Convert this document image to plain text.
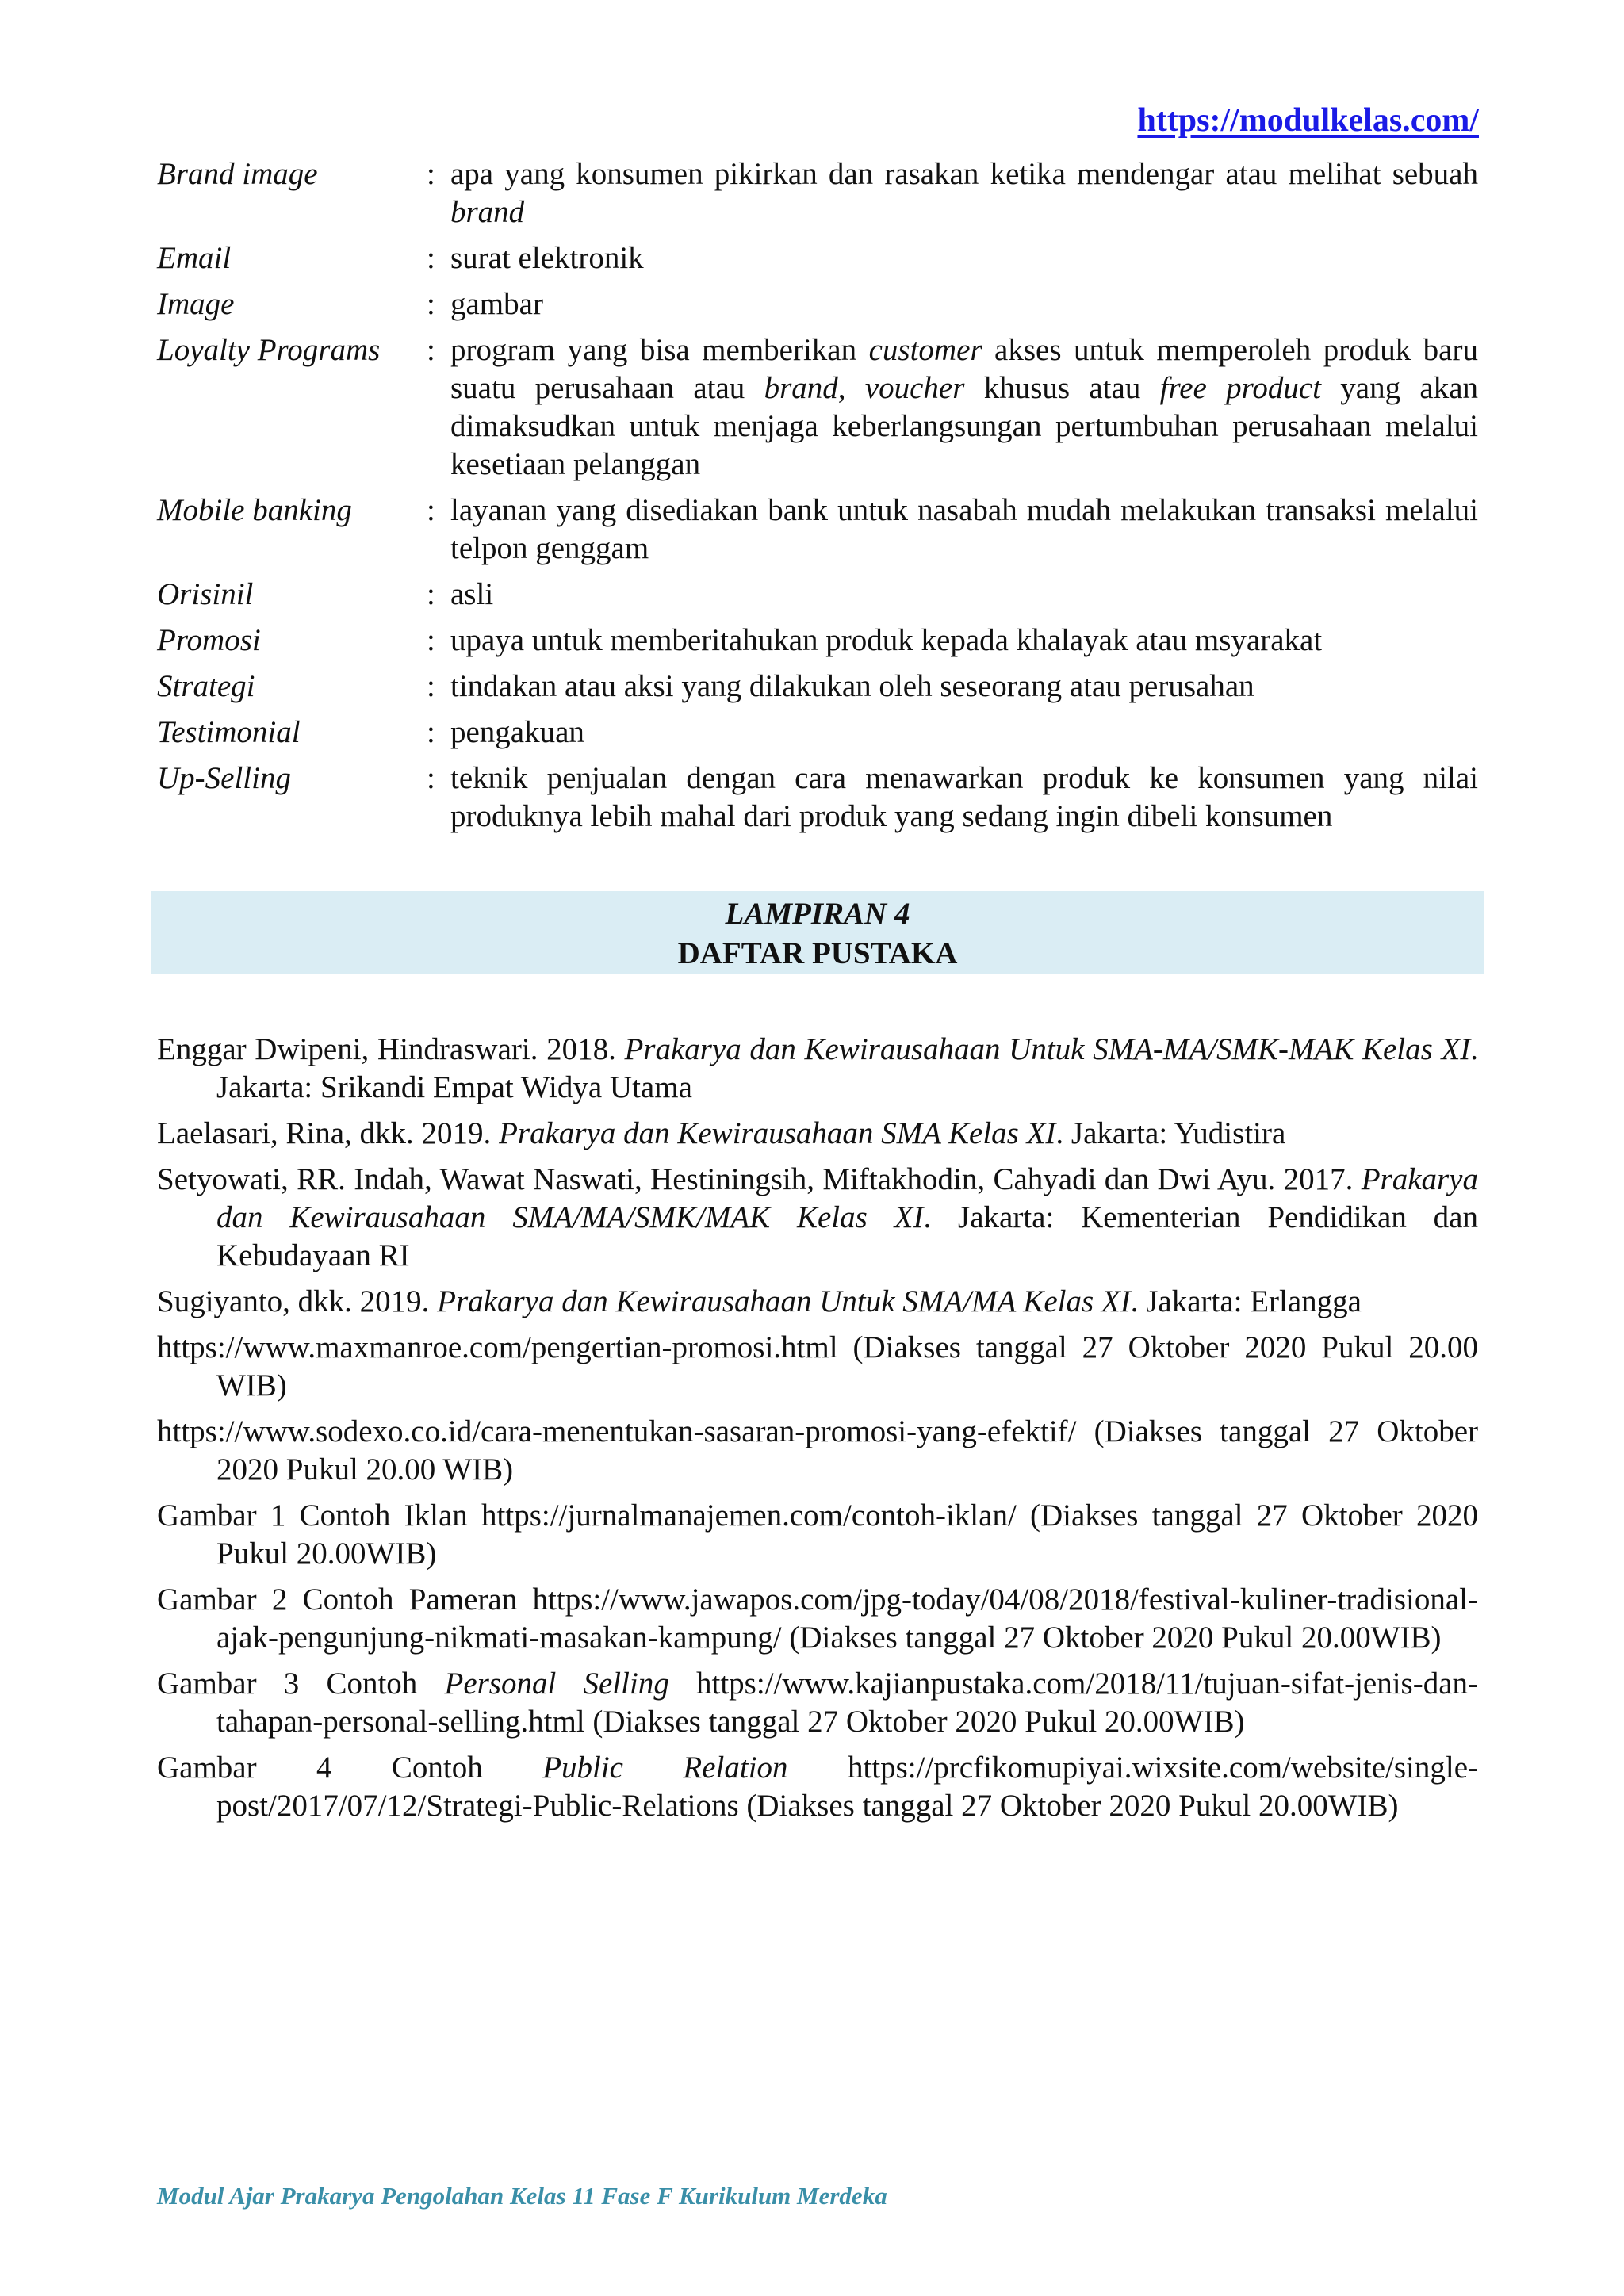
https://modulkelas.com/
Brand image	: apa yang konsumen pikirkan dan rasakan ketika mendengar atau melihat sebuah brand
Email	: surat elektronik
Image	: gambar
Loyalty Programs	: program yang bisa memberikan customer akses untuk memperoleh produk baru suatu perusahaan atau brand, voucher khusus atau free product yang akan dimaksudkan untuk menjaga keberlangsungan pertumbuhan perusahaan melalui kesetiaan pelanggan
Mobile banking	: layanan yang disediakan bank untuk nasabah mudah melakukan transaksi melalui telpon genggam
Orisinil	: asli
Promosi	: upaya untuk memberitahukan produk kepada khalayak atau msyarakat
Strategi	: tindakan atau aksi yang dilakukan oleh seseorang atau perusahan
Testimonial	: pengakuan
Up-Selling	: teknik penjualan dengan cara menawarkan produk ke konsumen yang nilai produknya lebih mahal dari produk yang sedang ingin dibeli konsumen
LAMPIRAN 4
DAFTAR PUSTAKA
Enggar Dwipeni, Hindraswari. 2018. Prakarya dan Kewirausahaan Untuk SMA-MA/SMK-MAK Kelas XI. Jakarta: Srikandi Empat Widya Utama
Laelasari, Rina, dkk. 2019. Prakarya dan Kewirausahaan SMA Kelas XI. Jakarta: Yudistira
Setyowati, RR. Indah, Wawat Naswati, Hestiningsih, Miftakhodin, Cahyadi dan Dwi Ayu. 2017. Prakarya dan Kewirausahaan SMA/MA/SMK/MAK Kelas XI. Jakarta: Kementerian Pendidikan dan Kebudayaan RI
Sugiyanto, dkk. 2019. Prakarya dan Kewirausahaan Untuk SMA/MA Kelas XI. Jakarta: Erlangga
https://www.maxmanroe.com/pengertian-promosi.html (Diakses tanggal 27 Oktober 2020 Pukul 20.00 WIB)
https://www.sodexo.co.id/cara-menentukan-sasaran-promosi-yang-efektif/ (Diakses tanggal 27 Oktober 2020 Pukul 20.00 WIB)
Gambar 1 Contoh Iklan https://jurnalmanajemen.com/contoh-iklan/ (Diakses tanggal 27 Oktober 2020 Pukul 20.00WIB)
Gambar 2 Contoh Pameran https://www.jawapos.com/jpg-today/04/08/2018/festival-kuliner-tradisional-ajak-pengunjung-nikmati-masakan-kampung/ (Diakses tanggal 27 Oktober 2020 Pukul 20.00WIB)
Gambar 3 Contoh Personal Selling https://www.kajianpustaka.com/2018/11/tujuan-sifat-jenis-dan-tahapan-personal-selling.html (Diakses tanggal 27 Oktober 2020 Pukul 20.00WIB)
Gambar 4 Contoh Public Relation https://prcfikomupiyai.wixsite.com/website/single-post/2017/07/12/Strategi-Public-Relations (Diakses tanggal 27 Oktober 2020 Pukul 20.00WIB)
Modul Ajar Prakarya Pengolahan Kelas 11 Fase F Kurikulum Merdeka
